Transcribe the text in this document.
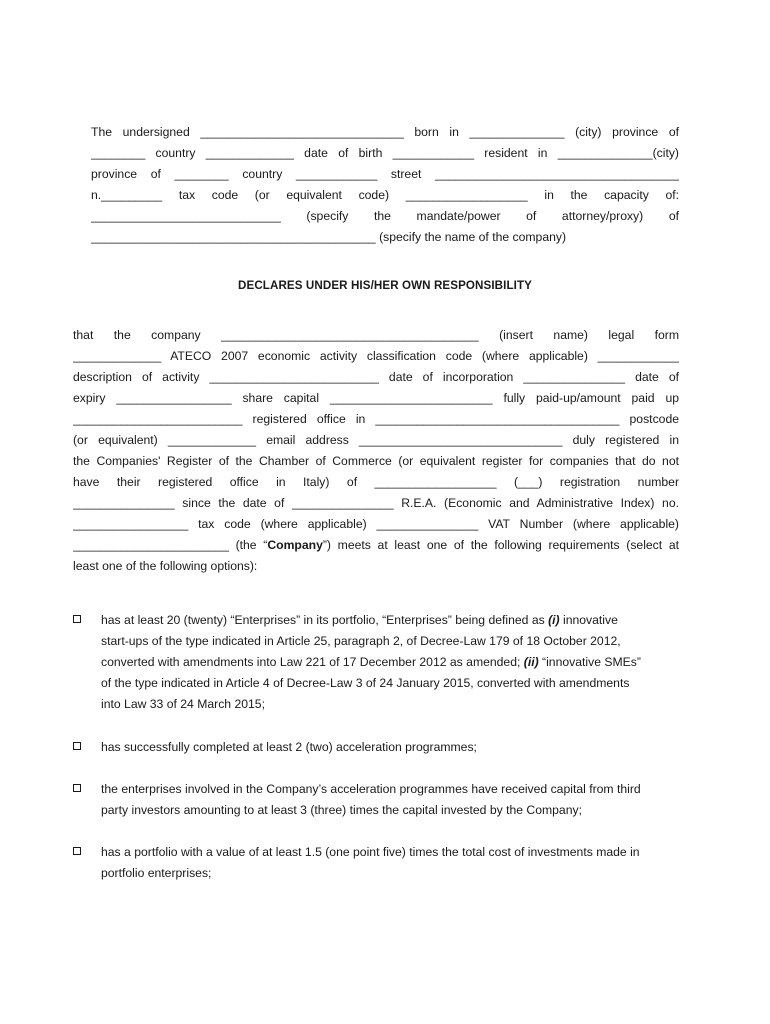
The undersigned ______________________________ born in ______________ (city) province of
________ country _____________ date of birth ____________ resident in ______________(city)
province of ________ country ____________ street ____________________________________
n._________ tax code (or equivalent code) __________________ in the capacity of:
____________________________ (specify the mandate/power of attorney/proxy) of
__________________________________________ (specify the name of the company)
DECLARES UNDER HIS/HER OWN RESPONSIBILITY
that the company ______________________________________ (insert name) legal form
_____________ ATECO 2007 economic activity classification code (where applicable) ____________
description of activity _________________________ date of incorporation _______________ date of
expiry _________________ share capital ________________________ fully paid-up/amount paid up
_________________________ registered office in ____________________________________ postcode
(or equivalent) _____________ email address ______________________________ duly registered in
the Companies' Register of the Chamber of Commerce (or equivalent register for companies that do not
have their registered office in Italy) of __________________ (___) registration number
_______________ since the date of _______________ R.E.A. (Economic and Administrative Index) no.
_________________ tax code (where applicable) _______________ VAT Number (where applicable)
_______________________ (the “Company”) meets at least one of the following requirements (select at
least one of the following options):
has at least 20 (twenty) “Enterprises” in its portfolio, “Enterprises” being defined as (i) innovative
start-ups of the type indicated in Article 25, paragraph 2, of Decree-Law 179 of 18 October 2012,
converted with amendments into Law 221 of 17 December 2012 as amended; (ii) “innovative SMEs”
of the type indicated in Article 4 of Decree-Law 3 of 24 January 2015, converted with amendments
into Law 33 of 24 March 2015;
has successfully completed at least 2 (two) acceleration programmes;
the enterprises involved in the Company’s acceleration programmes have received capital from third
party investors amounting to at least 3 (three) times the capital invested by the Company;
has a portfolio with a value of at least 1.5 (one point five) times the total cost of investments made in
portfolio enterprises;
